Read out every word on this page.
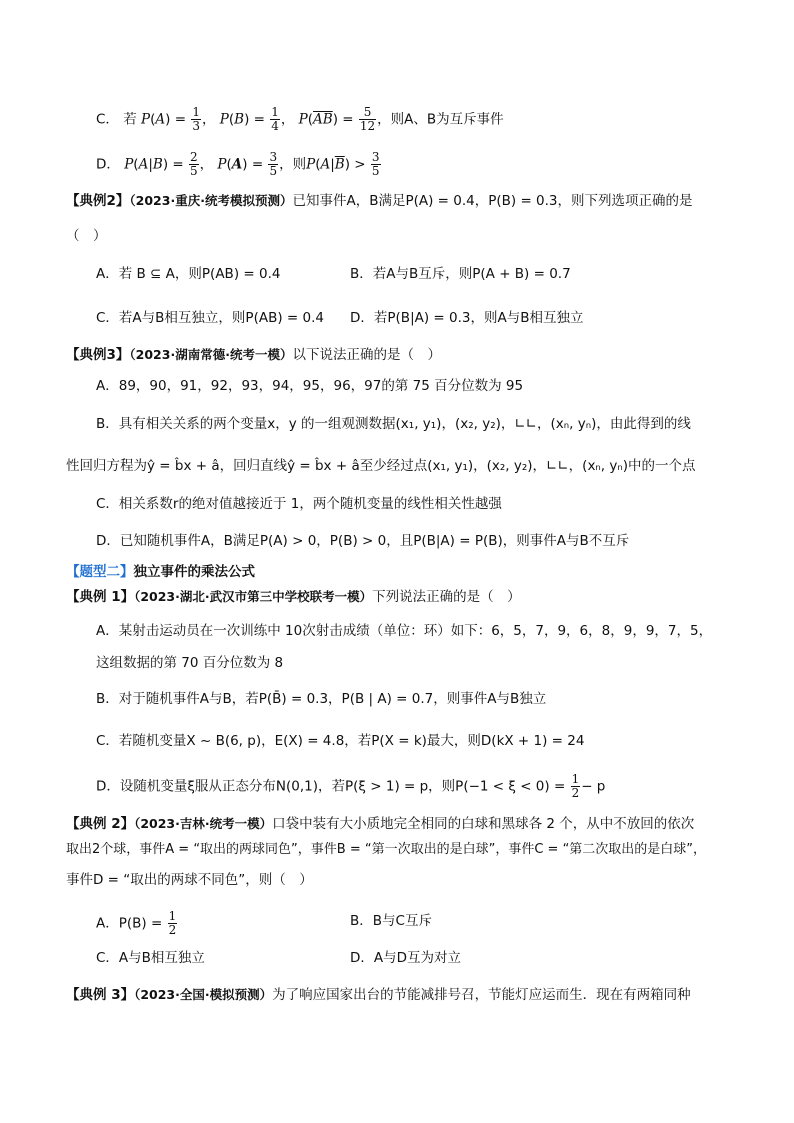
C． 若 $P(A) = \frac{1}{3}$ ， $P(B) = \frac{1}{4}$ ， $P(\overline{AB}) = \frac{5}{12}$ ，则A、B为互斥事件
D． $P(A|B) = \frac{2}{5}$ ， $P(A) = \frac{3}{5}$ ，则$P(A|\overline{B}) > \frac{3}{5}$
【典例2】（2023·重庆·统考模拟预测）已知事件A，B满足P(A) = 0.4，P(B) = 0.3，则下列选项正确的是
（　）
A．若 B ⊆ A，则P(AB) = 0.4	B．若A与B互斥，则P(A + B) = 0.7
C．若A与B相互独立，则P(AB) = 0.4 D．若P(B|A) = 0.3，则A与B相互独立
【典例3】（2023·湖南常德·统考一模）以下说法正确的是（　）
A．89，90，91，92，93，94，95，96，97的第 75 百分位数为 95
B．具有相关关系的两个变量x，y 的一组观测数据(x₁, y₁)，(x₂, y₂)，∟∟，(xₙ, yₙ)，由此得到的线
性回归方程为ŷ = b̂x + â，回归直线ŷ = b̂x + â至少经过点(x₁, y₁)，(x₂, y₂)，∟∟，(xₙ, yₙ)中的一个点
C．相关系数r的绝对值越接近于 1，两个随机变量的线性相关性越强
D．已知随机事件A，B满足P(A) > 0，P(B) > 0，且P(B|A) = P(B)，则事件A与B不互斥
【题型二】独立事件的乘法公式
【典例 1】（2023·湖北·武汉市第三中学校联考一模）下列说法正确的是（　）
A．某射击运动员在一次训练中 10次射击成绩（单位：环）如下：6，5，7，9，6，8，9，9，7，5，
这组数据的第 70 百分位数为 8
B．对于随机事件A与B，若P(B̄) = 0.3，P(B | A) = 0.7，则事件A与B独立
C．若随机变量X ~ B(6, p)，E(X) = 4.8，若P(X = k)最大，则D(kX + 1) = 24
D．设随机变量ξ服从正态分布N(0,1)，若P(ξ > 1) = p，则$P(-1 < \xi < 0) = \frac{1}{2} - p$
【典例 2】（2023·吉林·统考一模）口袋中装有大小质地完全相同的白球和黑球各 2 个，从中不放回的依次
取出2个球，事件A = “取出的两球同色”，事件B = “第一次取出的是白球”，事件C = “第二次取出的是白球”，
事件D = “取出的两球不同色”，则（　）
A．$P(B) = \frac{1}{2}$	B．B与C互斥
C．A与B相互独立	D．A与D互为对立
【典例 3】（2023·全国·模拟预测）为了响应国家出台的节能减排号召，节能灯应运而生．现在有两箱同种
